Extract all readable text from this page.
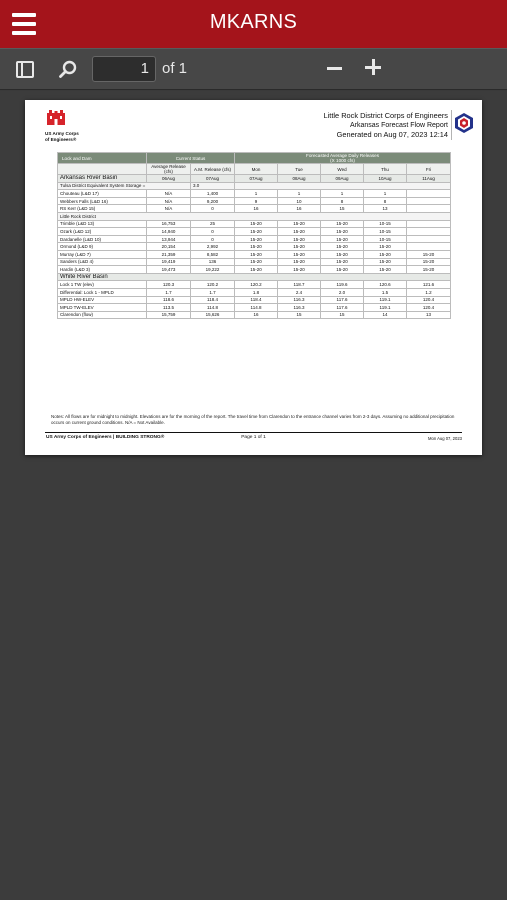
MKARNS
1 of 1
US Army Corps
of Engineers®
Little Rock District Corps of Engineers
Arkansas Forecast Flow Report
Generated on Aug 07, 2023 12:14
Lock and Dam	Current Status		Forecasted Average Daily Releases
(X 1000 cfs)				

	Average Release (cfs)	A.M. Release (cfs)	Mon	Tue	Wed	Thu	Fri
Arkansas River Basin	06Aug	07Aug	07Aug	08Aug	09Aug	10Aug	11Aug
Tulsa District Equivalent System Storage =		3.0					
Chouteau (L&D 17)	N/A	1,400	1	1	1	1	
Webbers Falls (L&D 16)	N/A	9,200	9	10	8	8	
RS Kerr (L&D 15)	N/A	0	16	16	15	13	
Little Rock District							
Trimble (L&D 13)	16,753	25	15-20	15-20	15-20	10-15	
Ozark (L&D 12)	14,940	0	15-20	15-20	15-20	10-15	
Dardanelle (L&D 10)	13,944	0	15-20	15-20	15-20	10-15	
Ormond (L&D 9)	20,154	2,992	15-20	15-20	15-20	15-20	
Murray (L&D 7)	21,359	8,582	15-20	15-20	15-20	15-20	15-20
Sanders (L&D 4)	19,419	136	15-20	15-20	15-20	15-20	15-20
Hardin (L&D 3)	19,473	19,222	15-20	15-20	15-20	15-20	15-20
White River Basin							
Lock 1 TW (elev)	120.3	120.2	120.2	118.7	119.6	120.6	121.6
Differential: Lock 1 - MPLD	1.7	1.7	1.8	2.4	2.0	1.5	1.2
MPLD HW-ELEV	118.6	118.4	118.4	116.3	117.6	119.1	120.4
MPLD TW-ELEV	113.5	114.8	114.8	116.3	117.6	119.1	120.4
Clarendon (flow)	15,759	15,626	16	15	15	14	13
Notes: All flows are for midnight to midnight. Elevations are for the morning of the report. The travel time from Clarendon to the entrance channel varies from 2-3 days. Assuming no additional precipitation occurs on current ground conditions. N/A = Not Available.
US Army Corps of Engineers | BUILDING STRONG®	Page 1 of 1	Mon Aug 07, 2023
